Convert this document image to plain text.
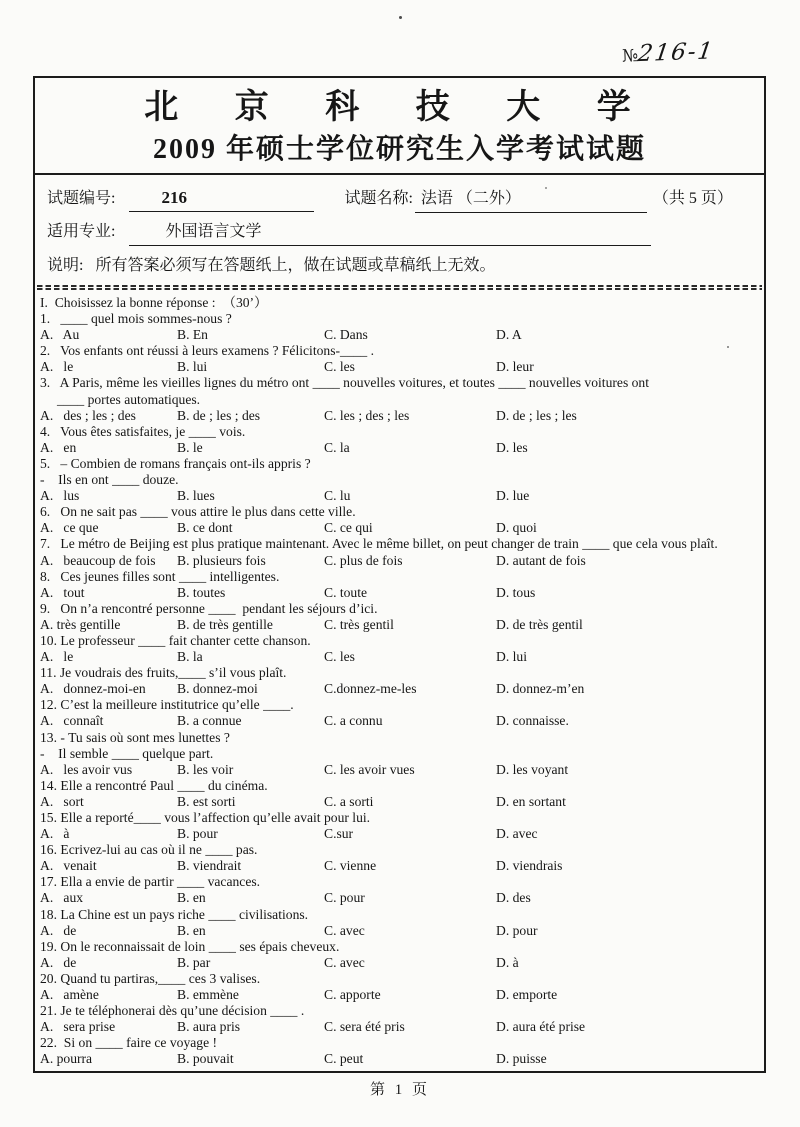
№216-1
北 京 科 技 大 学
2009 年硕士学位研究生入学考试试题
试题编号:	216	试题名称: 法语 （二外）	（共 5 页）
适用专业:	外国语言文学
说明: 所有答案必须写在答题纸上，做在试题或草稿纸上无效。
I.  Choisissez la bonne réponse :  （30’）
1.   ____ quel mois sommes-nous ?
A.   Au	B. En	C. Dans	D. A
2.   Vos enfants ont réussi à leurs examens ? Félicitons-____ .
A.   le	B. lui	C. les	D. leur
3.   A Paris, même les vieilles lignes du métro ont ____ nouvelles voitures, et toutes ____ nouvelles voitures ont
____ portes automatiques.
A.   des ; les ; des	B. de ; les ; des	C. les ; des ; les	D. de ; les ; les
4.   Vous êtes satisfaites, je ____ vois.
A.   en	B. le	C. la	D. les
5.   – Combien de romans français ont-ils appris ?
-    Ils en ont ____ douze.
A.   lus	B. lues	C. lu	D. lue
6.   On ne sait pas ____ vous attire le plus dans cette ville.
A.   ce que	B. ce dont	C. ce qui	D. quoi
7.   Le métro de Beijing est plus pratique maintenant. Avec le même billet, on peut changer de train ____ que cela vous plaît.
A.   beaucoup de fois	B. plusieurs fois	C. plus de fois	D. autant de fois
8.   Ces jeunes filles sont ____ intelligentes.
A.   tout	B. toutes	C. toute	D. tous
9.   On n’a rencontré personne ____  pendant les séjours d’ici.
A. très gentille	B. de très gentille	C. très gentil	D. de très gentil
10. Le professeur ____ fait chanter cette chanson.
A.   le	B. la	C. les	D. lui
11. Je voudrais des fruits,____ s’il vous plaît.
A.   donnez-moi-en	B. donnez-moi	C.donnez-me-les	D. donnez-m’en
12. C’est la meilleure institutrice qu’elle ____.
A.   connaît	B. a connue	C. a connu	D. connaisse.
13. - Tu sais où sont mes lunettes ?
-    Il semble ____ quelque part.
A.   les avoir vus	B. les voir	C. les avoir vues	D. les voyant
14. Elle a rencontré Paul ____ du cinéma.
A.   sort	B. est sorti	C. a sorti	D. en sortant
15. Elle a reporté____ vous l’affection qu’elle avait pour lui.
A.   à	B. pour	C.sur	D. avec
16. Ecrivez-lui au cas où il ne ____ pas.
A.   venait	B. viendrait	C. vienne	D. viendrais
17. Ella a envie de partir ____ vacances.
A.   aux	B. en	C. pour	D. des
18. La Chine est un pays riche ____ civilisations.
A.   de	B. en	C. avec	D. pour
19. On le reconnaissait de loin ____ ses épais cheveux.
A.   de	B. par	C. avec	D. à
20. Quand tu partiras,____ ces 3 valises.
A.   amène	B. emmène	C. apporte	D. emporte
21. Je te téléphonerai dès qu’une décision ____ .
A.   sera prise	B. aura pris	C. sera été pris	D. aura été prise
22.  Si on ____ faire ce voyage !
A. pourra	B. pouvait	C. peut	D. puisse
第 1 页
